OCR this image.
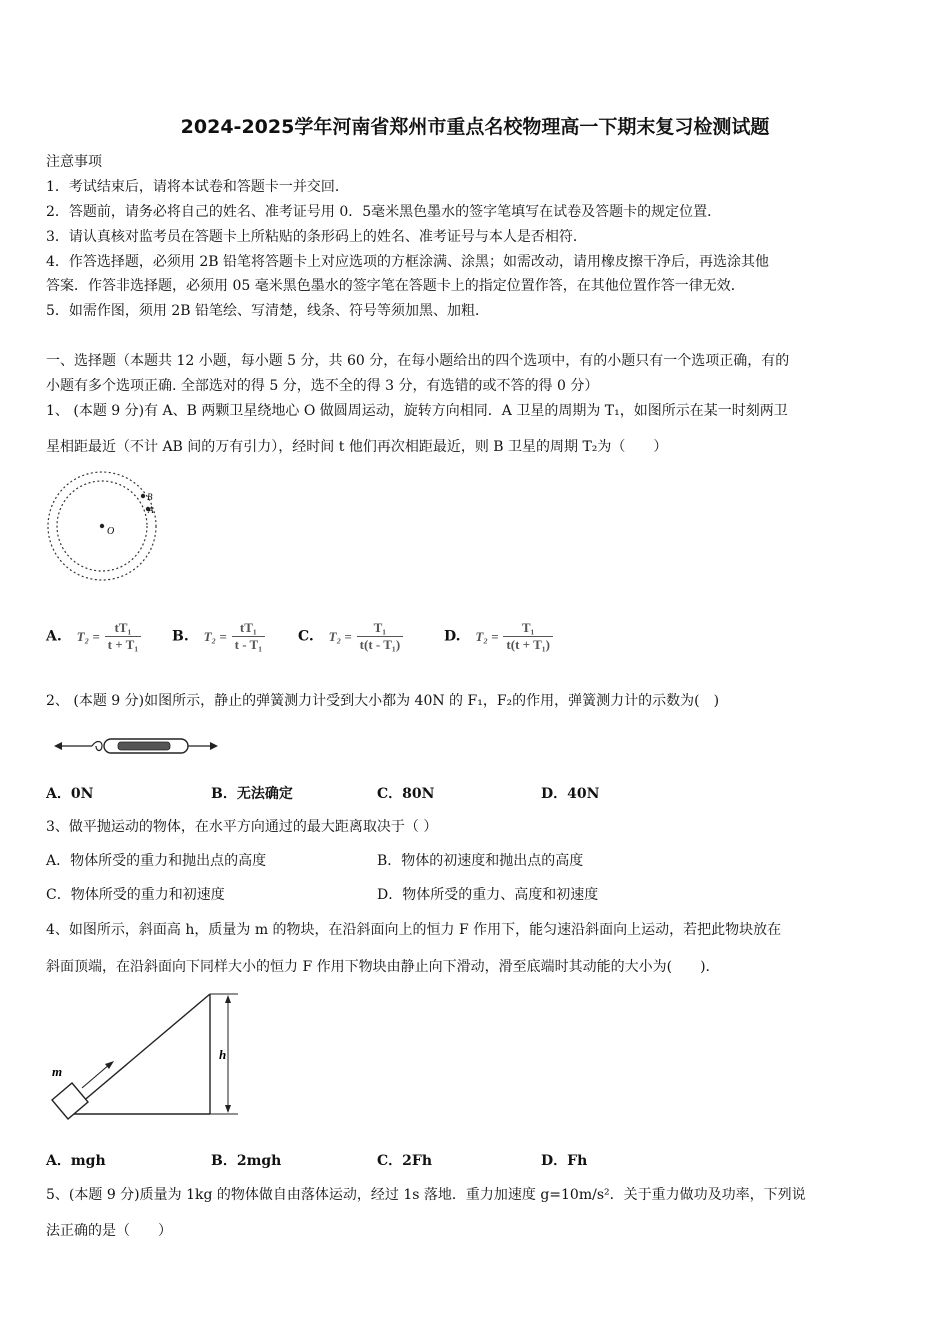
2024-2025学年河南省郑州市重点名校物理高一下期末复习检测试题
注意事项
1．考试结束后，请将本试卷和答题卡一并交回．
2．答题前，请务必将自己的姓名、准考证号用 0．5毫米黑色墨水的签字笔填写在试卷及答题卡的规定位置．
3．请认真核对监考员在答题卡上所粘贴的条形码上的姓名、准考证号与本人是否相符．
4．作答选择题，必须用 2B 铅笔将答题卡上对应选项的方框涂满、涂黑；如需改动，请用橡皮擦干净后，再选涂其他
答案．作答非选择题，必须用 05 毫米黑色墨水的签字笔在答题卡上的指定位置作答，在其他位置作答一律无效．
5．如需作图，须用 2B 铅笔绘、写清楚，线条、符号等须加黑、加粗．
一、选择题（本题共 12 小题，每小题 5 分，共 60 分，在每小题给出的四个选项中，有的小题只有一个选项正确，有的
小题有多个选项正确. 全部选对的得 5 分，选不全的得 3 分，有选错的或不答的得 0 分）
1、 (本题 9 分)有 A、B 两颗卫星绕地心 O 做圆周运动，旋转方向相同．A 卫星的周期为 T₁，如图所示在某一时刻两卫
星相距最近（不计 AB 间的万有引力），经时间 t 他们再次相距最近，则 B 卫星的周期 T₂为（　　）
O
A
B
A. $T_2 = \frac{\text{tT₁}}{\text{t + T₁}} B$. $T_2 = \frac{\text{tT₁}}{\text{t - T₁}} C$. $T_2 = \frac{\text{T₁}}{\text{t(t - T₁)}}$	D. $T_2 = \frac{\text{T₁}}{\text{t(t + T₁)}}$
2、 (本题 9 分)如图所示，静止的弹簧测力计受到大小都为 40N 的 F₁，F₂的作用，弹簧测力计的示数为(　)
A．0N	B．无法确定	C．80N	D．40N
3、做平抛运动的物体，在水平方向通过的最大距离取决于（ ）
A．物体所受的重力和抛出点的高度	B．物体的初速度和抛出点的高度
C．物体所受的重力和初速度	D．物体所受的重力、高度和初速度
4、如图所示，斜面高 h，质量为 m 的物块，在沿斜面向上的恒力 F 作用下，能匀速沿斜面向上运动，若把此物块放在
斜面顶端，在沿斜面向下同样大小的恒力 F 作用下物块由静止向下滑动，滑至底端时其动能的大小为(　　).
h
m
A．mgh	B．2mgh	C．2Fh	D．Fh
5、(本题 9 分)质量为 1kg 的物体做自由落体运动，经过 1s 落地．重力加速度 g=10m/s²．关于重力做功及功率，下列说
法正确的是（　　）
